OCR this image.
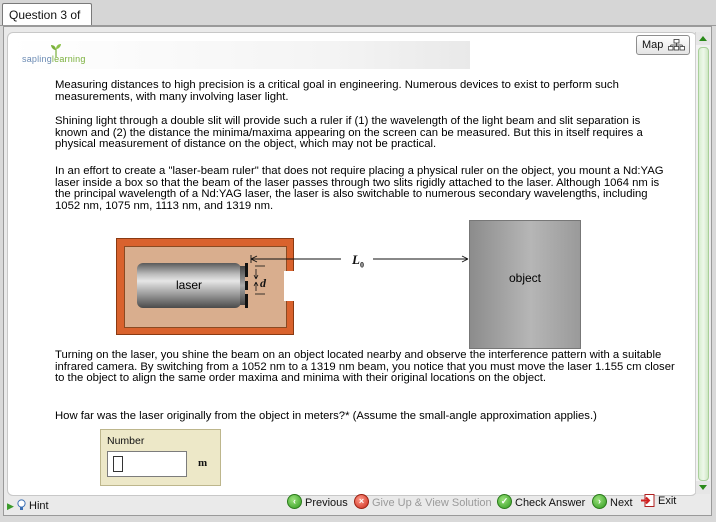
Question 3 of
saplinglearning
Map

Measuring distances to high precision is a critical goal in engineering. Numerous devices to exist to perform such measurements, with many involving laser light.

Shining light through a double slit will provide such a ruler if (1) the wavelength of the light beam and slit separation is known and (2) the distance the minima/maxima appearing on the screen can be measured. But this in itself requires a physical measurement of distance on the object, which may not be practical.

In an effort to create a "laser-beam ruler" that does not require placing a physical ruler on the object, you mount a Nd:YAG laser inside a box so that the beam of the laser passes through two slits rigidly attached to the laser. Although 1064 nm is the principal wavelength of a Nd:YAG laser, the laser is also switchable to numerous secondary wavelengths, including 1052 nm, 1075 nm, 1113 nm, and 1319 nm.

laser
$L_0$
d	object

Turning on the laser, you shine the beam on an object located nearby and observe the interference pattern with a suitable infrared camera. By switching from a 1052 nm to a 1319 nm beam, you notice that you must move the laser 1.155 cm closer to the object to align the same order maxima and minima with their original locations on the object.

How far was the laser originally from the object in meters?* (Assume the small-angle approximation applies.)

Number
m
▶ Hint	‹ Previous	× Give Up & View Solution	✓ Check Answer	› Next	Exit
